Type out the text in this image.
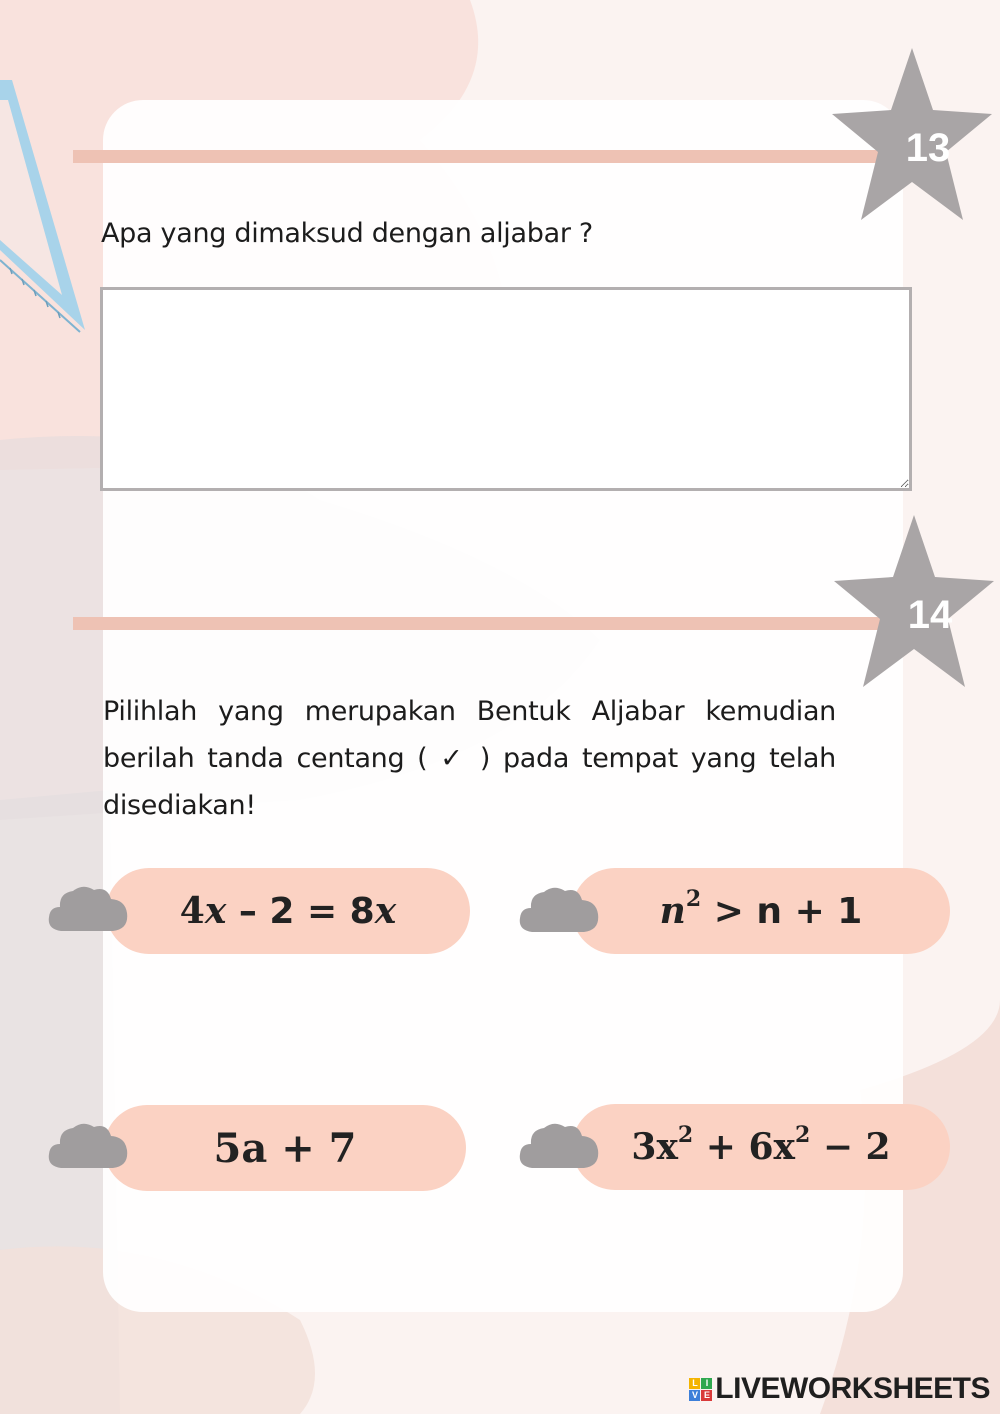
13
Apa yang dimaksud dengan aljabar ?
14
Pilihlah yang merupakan Bentuk Aljabar kemudian berilah tanda centang ( ✓ ) pada tempat yang telah disediakan!
4x – 2 = 8x	$n^2 > n + 1$
5a + 7	$3x^2 + 6x^2 - 2$
L I
V E LIVEWORKSHEETS
